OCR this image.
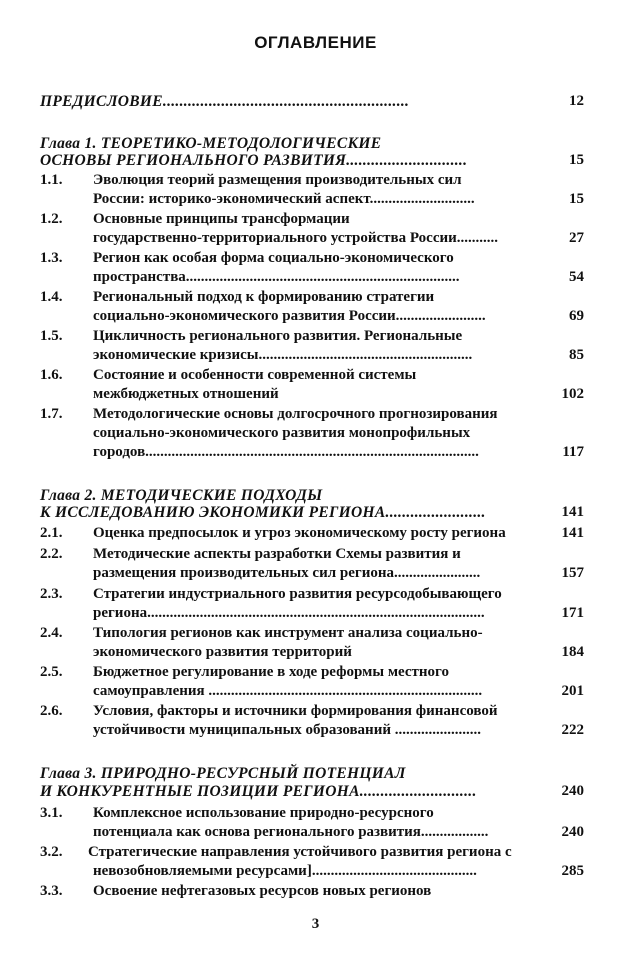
ОГЛАВЛЕНИЕ
ПРЕДИСЛОВИЕ...........................................................	12
Глава 1. ТЕОРЕТИКО-МЕТОДОЛОГИЧЕСКИЕ
ОСНОВЫ РЕГИОНАЛЬНОГО РАЗВИТИЯ.............................	15
1.1. Эволюция теорий размещения производительных сил
России: историко-экономический аспект............................	15
1.2. Основные принципы трансформации
государственно-территориального устройства России...........	27
1.3. Регион как особая форма социально-экономического
пространства.........................................................................	54
1.4. Региональный подход к формированию стратегии
социально-экономического развития России........................	69
1.5. Цикличность регионального развития. Региональные
экономические кризисы.........................................................	85
1.6. Состояние и особенности современной системы
межбюджетных отношений	102
1.7. Методологические основы долгосрочного прогнозирования
социально-экономического развития монопрофильных
городов.........................................................................................	117
Глава 2. МЕТОДИЧЕСКИЕ ПОДХОДЫ
К ИССЛЕДОВАНИЮ ЭКОНОМИКИ РЕГИОНА........................	141
2.1. Оценка предпосылок и угроз экономическому росту региона	141
2.2. Методические аспекты разработки Схемы развития и
размещения производительных сил региона.......................	157
2.3. Стратегии индустриального развития ресурсодобывающего
региона..........................................................................................	171
2.4. Типология регионов как инструмент анализа социально-
экономического развития территорий	184
2.5. Бюджетное регулирование в ходе реформы местного
самоуправления .........................................................................	201
2.6. Условия, факторы и источники формирования финансовой
устойчивости муниципальных образований .......................	222
Глава 3. ПРИРОДНО-РЕСУРСНЫЙ ПОТЕНЦИАЛ
И КОНКУРЕНТНЫЕ ПОЗИЦИИ РЕГИОНА............................	240
3.1. Комплексное использование природно-ресурсного
потенциала как основа регионального развития..................	240
3.2. Стратегические направления устойчивого развития региона с
невозобновляемыми ресурсами]............................................	285
3.3. Освоение нефтегазовых ресурсов новых регионов
3
